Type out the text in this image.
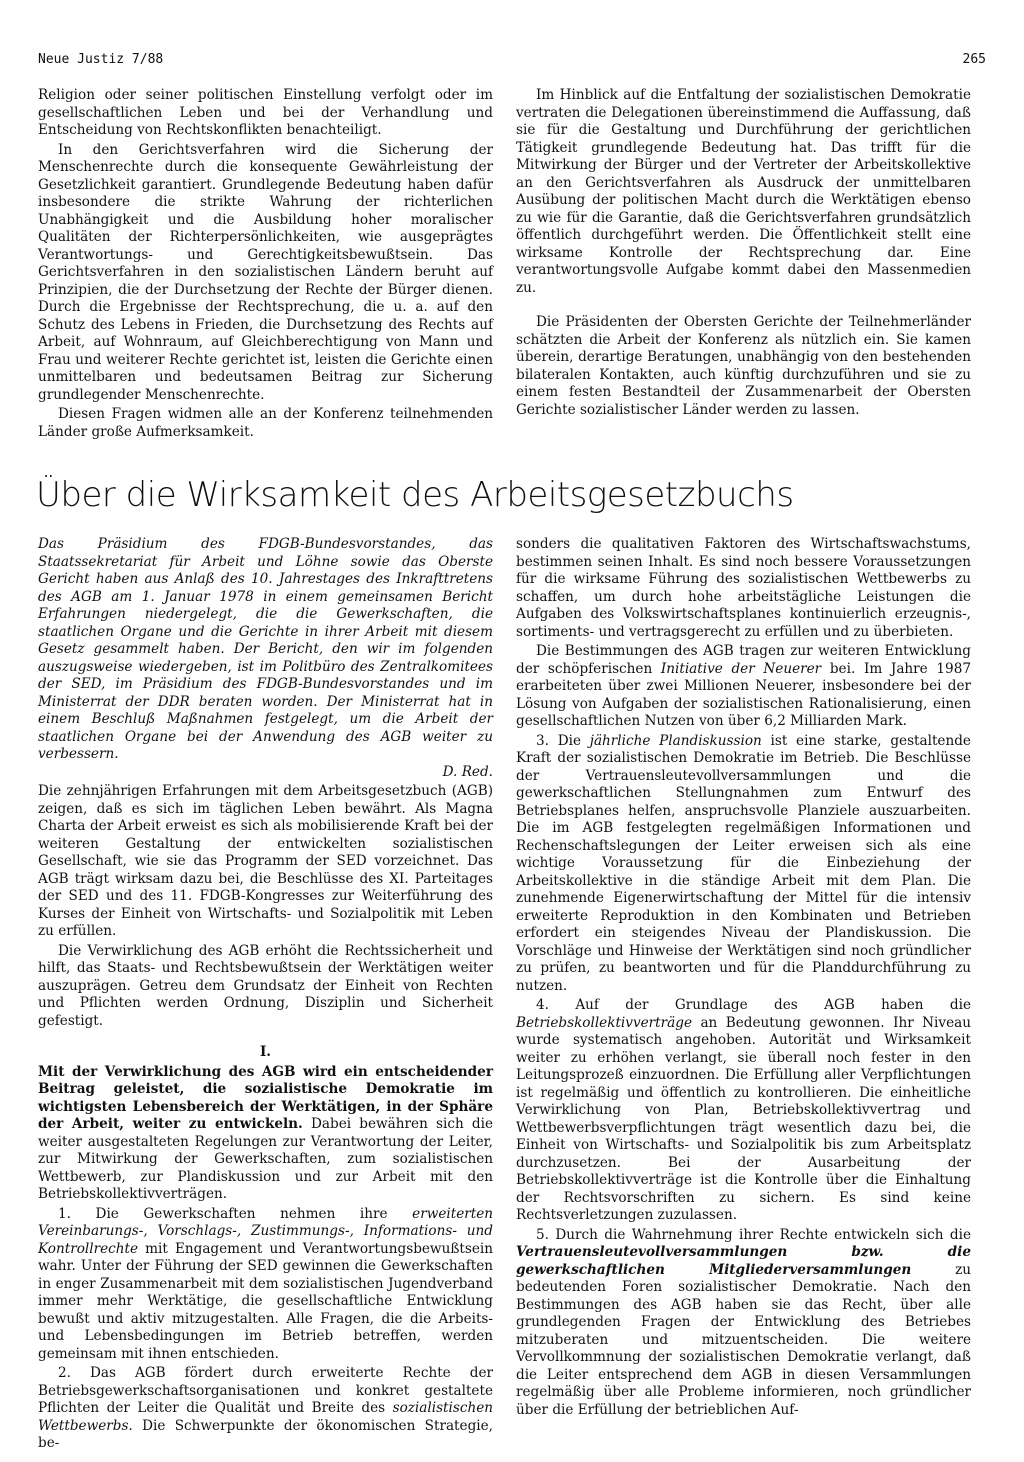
Neue Justiz 7/88	265

Religion oder seiner politischen Einstellung verfolgt oder im gesellschaftlichen Leben und bei der Verhandlung und Entscheidung von Rechtskonflikten benachteiligt.

In den Gerichtsverfahren wird die Sicherung der Menschenrechte durch die konsequente Gewährleistung der Gesetzlichkeit garantiert. Grundlegende Bedeutung haben dafür insbesondere die strikte Wahrung der richterlichen Unabhängigkeit und die Ausbildung hoher moralischer Qualitäten der Richterpersönlichkeiten, wie ausgeprägtes Verantwortungs- und Gerechtigkeitsbewußtsein. Das Gerichtsverfahren in den sozialistischen Ländern beruht auf Prinzipien, die der Durchsetzung der Rechte der Bürger dienen. Durch die Ergebnisse der Rechtsprechung, die u. a. auf den Schutz des Lebens in Frieden, die Durchsetzung des Rechts auf Arbeit, auf Wohnraum, auf Gleichberechtigung von Mann und Frau und weiterer Rechte gerichtet ist, leisten die Gerichte einen unmittelbaren und bedeutsamen Beitrag zur Sicherung grundlegender Menschenrechte.

Diesen Fragen widmen alle an der Konferenz teilnehmenden Länder große Aufmerksamkeit.

Im Hinblick auf die Entfaltung der sozialistischen Demokratie vertraten die Delegationen übereinstimmend die Auffassung, daß sie für die Gestaltung und Durchführung der gerichtlichen Tätigkeit grundlegende Bedeutung hat. Das trifft für die Mitwirkung der Bürger und der Vertreter der Arbeitskollektive an den Gerichtsverfahren als Ausdruck der unmittelbaren Ausübung der politischen Macht durch die Werktätigen ebenso zu wie für die Garantie, daß die Gerichtsverfahren grundsätzlich öffentlich durchgeführt werden. Die Öffentlichkeit stellt eine wirksame Kontrolle der Rechtsprechung dar. Eine verantwortungsvolle Aufgabe kommt dabei den Massenmedien zu.

Die Präsidenten der Obersten Gerichte der Teilnehmerländer schätzten die Arbeit der Konferenz als nützlich ein. Sie kamen überein, derartige Beratungen, unabhängig von den bestehenden bilateralen Kontakten, auch künftig durchzuführen und sie zu einem festen Bestandteil der Zusammenarbeit der Obersten Gerichte sozialistischer Länder werden zu lassen.

Über die Wirksamkeit des Arbeitsgesetzbuchs

Das Präsidium des FDGB-Bundesvorstandes, das Staatssekretariat für Arbeit und Löhne sowie das Oberste Gericht haben aus Anlaß des 10. Jahrestages des Inkrafttretens des AGB am 1. Januar 1978 in einem gemeinsamen Bericht Erfahrungen niedergelegt, die die Gewerkschaften, die staatlichen Organe und die Gerichte in ihrer Arbeit mit diesem Gesetz gesammelt haben. Der Bericht, den wir im folgenden auszugsweise wiedergeben, ist im Politbüro des Zentralkomitees der SED, im Präsidium des FDGB-Bundesvorstandes und im Ministerrat der DDR beraten worden. Der Ministerrat hat in einem Beschluß Maßnahmen festgelegt, um die Arbeit der staatlichen Organe bei der Anwendung des AGB weiter zu verbessern.

D. Red.

Die zehnjährigen Erfahrungen mit dem Arbeitsgesetzbuch (AGB) zeigen, daß es sich im täglichen Leben bewährt. Als Magna Charta der Arbeit erweist es sich als mobilisierende Kraft bei der weiteren Gestaltung der entwickelten sozialistischen Gesellschaft, wie sie das Programm der SED vorzeichnet. Das AGB trägt wirksam dazu bei, die Beschlüsse des XI. Parteitages der SED und des 11. FDGB-Kongresses zur Weiterführung des Kurses der Einheit von Wirtschafts- und Sozialpolitik mit Leben zu erfüllen.

Die Verwirklichung des AGB erhöht die Rechtssicherheit und hilft, das Staats- und Rechtsbewußtsein der Werktätigen weiter auszuprägen. Getreu dem Grundsatz der Einheit von Rechten und Pflichten werden Ordnung, Disziplin und Sicherheit gefestigt.

I.

Mit der Verwirklichung des AGB wird ein entscheidender Beitrag geleistet, die sozialistische Demokratie im wichtigsten Lebensbereich der Werktätigen, in der Sphäre der Arbeit, weiter zu entwickeln. Dabei bewähren sich die weiter ausgestalteten Regelungen zur Verantwortung der Leiter, zur Mitwirkung der Gewerkschaften, zum sozialistischen Wettbewerb, zur Plandiskussion und zur Arbeit mit den Betriebskollektivverträgen.

1. Die Gewerkschaften nehmen ihre erweiterten Vereinbarungs-, Vorschlags-, Zustimmungs-, Informations- und Kontrollrechte mit Engagement und Verantwortungsbewußtsein wahr. Unter der Führung der SED gewinnen die Gewerkschaften in enger Zusammenarbeit mit dem sozialistischen Jugendverband immer mehr Werktätige, die gesellschaftliche Entwicklung bewußt und aktiv mitzugestalten. Alle Fragen, die die Arbeits- und Lebensbedingungen im Betrieb betreffen, werden gemeinsam mit ihnen entschieden.

2. Das AGB fördert durch erweiterte Rechte der Betriebsgewerkschaftsorganisationen und konkret gestaltete Pflichten der Leiter die Qualität und Breite des sozialistischen Wettbewerbs. Die Schwerpunkte der ökonomischen Strategie, be-

sonders die qualitativen Faktoren des Wirtschaftswachstums, bestimmen seinen Inhalt. Es sind noch bessere Voraussetzungen für die wirksame Führung des sozialistischen Wettbewerbs zu schaffen, um durch hohe arbeitstägliche Leistungen die Aufgaben des Volkswirtschaftsplanes kontinuierlich erzeugnis-, sortiments- und vertragsgerecht zu erfüllen und zu überbieten.

Die Bestimmungen des AGB tragen zur weiteren Entwicklung der schöpferischen Initiative der Neuerer bei. Im Jahre 1987 erarbeiteten über zwei Millionen Neuerer, insbesondere bei der Lösung von Aufgaben der sozialistischen Rationalisierung, einen gesellschaftlichen Nutzen von über 6,2 Milliarden Mark.

3. Die jährliche Plandiskussion ist eine starke, gestaltende Kraft der sozialistischen Demokratie im Betrieb. Die Beschlüsse der Vertrauensleutevollversammlungen und die gewerkschaftlichen Stellungnahmen zum Entwurf des Betriebsplanes helfen, anspruchsvolle Planziele auszuarbeiten. Die im AGB festgelegten regelmäßigen Informationen und Rechenschaftslegungen der Leiter erweisen sich als eine wichtige Voraussetzung für die Einbeziehung der Arbeitskollektive in die ständige Arbeit mit dem Plan. Die zunehmende Eigenerwirtschaftung der Mittel für die intensiv erweiterte Reproduktion in den Kombinaten und Betrieben erfordert ein steigendes Niveau der Plandiskussion. Die Vorschläge und Hinweise der Werktätigen sind noch gründlicher zu prüfen, zu beantworten und für die Planddurchführung zu nutzen.

4. Auf der Grundlage des AGB haben die Betriebskollektivverträge an Bedeutung gewonnen. Ihr Niveau wurde systematisch angehoben. Autorität und Wirksamkeit weiter zu erhöhen verlangt, sie überall noch fester in den Leitungsprozeß einzuordnen. Die Erfüllung aller Verpflichtungen ist regelmäßig und öffentlich zu kontrollieren. Die einheitliche Verwirklichung von Plan, Betriebskollektivvertrag und Wettbewerbsverpflichtungen trägt wesentlich dazu bei, die Einheit von Wirtschafts- und Sozialpolitik bis zum Arbeitsplatz durchzusetzen. Bei der Ausarbeitung der Betriebskollektivverträge ist die Kontrolle über die Einhaltung der Rechtsvorschriften zu sichern. Es sind keine Rechtsverletzungen zuzulassen.

5. Durch die Wahrnehmung ihrer Rechte entwickeln sich die Vertrauensleutevollversammlungen bzw. die gewerkschaftlichen Mitgliederversammlungen	zu bedeutenden Foren sozialistischer Demokratie. Nach den Bestimmungen des AGB haben sie das Recht, über alle grundlegenden Fragen der Entwicklung des Betriebes mitzuberaten und mitzuentscheiden. Die weitere Vervollkommnung der sozialistischen Demokratie verlangt, daß die Leiter entsprechend dem AGB in diesen Versammlungen regelmäßig über alle Probleme informieren, noch gründlicher über die Erfüllung der betrieblichen Auf-
